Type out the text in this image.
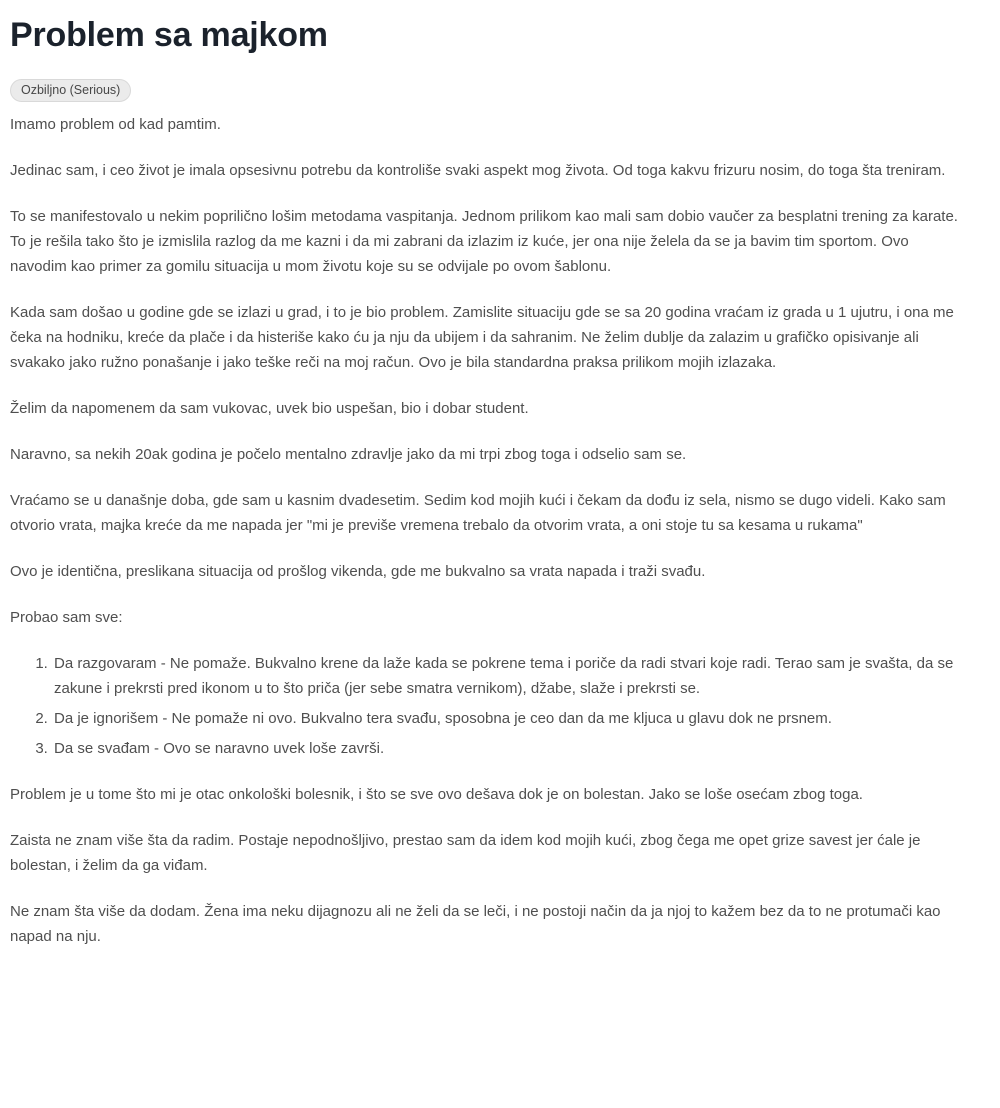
Problem sa majkom
Ozbiljno (Serious)

Imamo problem od kad pamtim.

Jedinac sam, i ceo život je imala opsesivnu potrebu da kontroliše svaki aspekt mog života. Od toga kakvu frizuru nosim, do toga šta treniram.

To se manifestovalo u nekim poprilično lošim metodama vaspitanja. Jednom prilikom kao mali sam dobio vaučer za besplatni trening za karate. To je rešila tako što je izmislila razlog da me kazni i da mi zabrani da izlazim iz kuće, jer ona nije želela da se ja bavim tim sportom. Ovo navodim kao primer za gomilu situacija u mom životu koje su se odvijale po ovom šablonu.

Kada sam došao u godine gde se izlazi u grad, i to je bio problem. Zamislite situaciju gde se sa 20 godina vraćam iz grada u 1 ujutru, i ona me čeka na hodniku, kreće da plače i da histeriše kako ću ja nju da ubijem i da sahranim. Ne želim dublje da zalazim u grafičko opisivanje ali svakako jako ružno ponašanje i jako teške reči na moj račun. Ovo je bila standardna praksa prilikom mojih izlazaka.

Želim da napomenem da sam vukovac, uvek bio uspešan, bio i dobar student.

Naravno, sa nekih 20ak godina je počelo mentalno zdravlje jako da mi trpi zbog toga i odselio sam se.

Vraćamo se u današnje doba, gde sam u kasnim dvadesetim. Sedim kod mojih kući i čekam da dođu iz sela, nismo se dugo videli. Kako sam otvorio vrata, majka kreće da me napada jer "mi je previše vremena trebalo da otvorim vrata, a oni stoje tu sa kesama u rukama"

Ovo je identična, preslikana situacija od prošlog vikenda, gde me bukvalno sa vrata napada i traži svađu.

Probao sam sve:

1. Da razgovaram - Ne pomaže. Bukvalno krene da laže kada se pokrene tema i poriče da radi stvari koje radi. Terao sam je svašta, da se zakune i prekrsti pred ikonom u to što priča (jer sebe smatra vernikom), džabe, slaže i prekrsti se.
2. Da je ignorišem - Ne pomaže ni ovo. Bukvalno tera svađu, sposobna je ceo dan da me kljuca u glavu dok ne prsnem.
3. Da se svađam - Ovo se naravno uvek loše završi.

Problem je u tome što mi je otac onkološki bolesnik, i što se sve ovo dešava dok je on bolestan. Jako se loše osećam zbog toga.

Zaista ne znam više šta da radim. Postaje nepodnošljivo, prestao sam da idem kod mojih kući, zbog čega me opet grize savest jer ćale je bolestan, i želim da ga viđam.

Ne znam šta više da dodam. Žena ima neku dijagnozu ali ne želi da se leči, i ne postoji način da ja njoj to kažem bez da to ne protumači kao napad na nju.
